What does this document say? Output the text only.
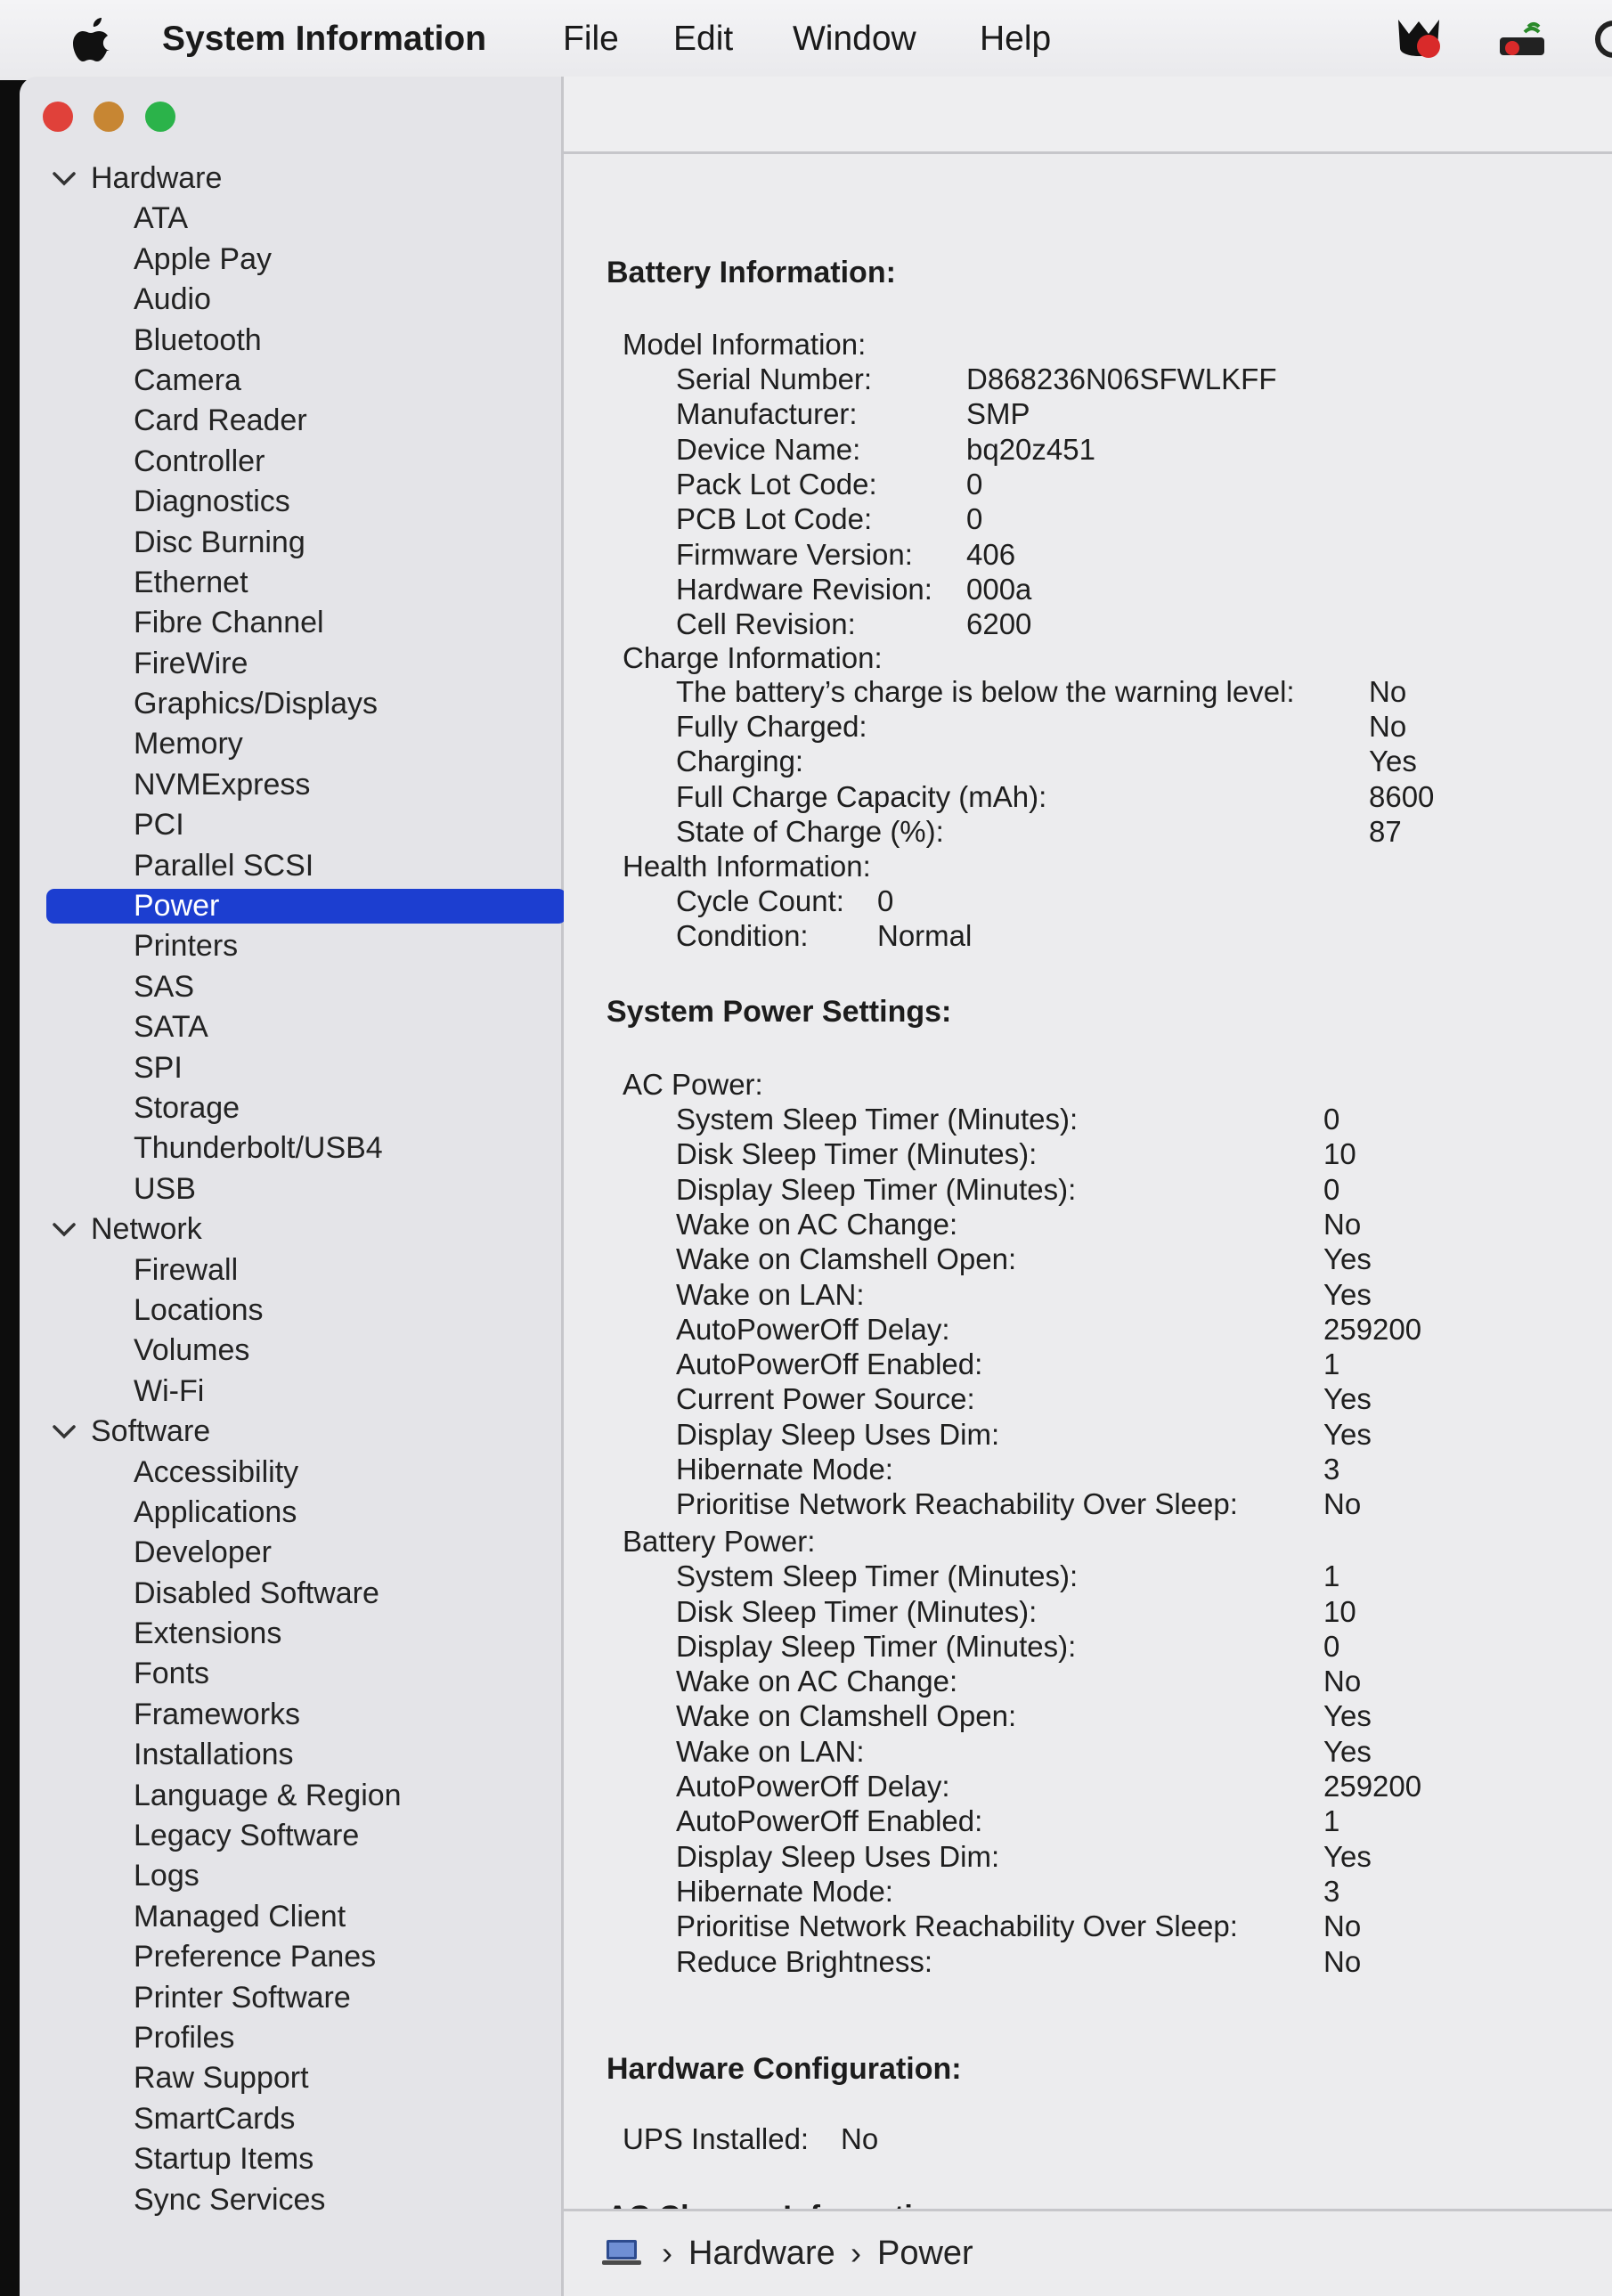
System Information File Edit Window Help
Hardware
ATA
Apple Pay
Audio
Bluetooth
Camera
Card Reader
Controller
Diagnostics
Disc Burning
Ethernet
Fibre Channel
FireWire
Graphics/Displays
Memory
NVMExpress
PCI
Parallel SCSI
Power
Printers
SAS
SATA
SPI
Storage
Thunderbolt/USB4
USB
Network
Firewall
Locations
Volumes
Wi-Fi
Software
Accessibility
Applications
Developer
Disabled Software
Extensions
Fonts
Frameworks
Installations
Language & Region
Legacy Software
Logs
Managed Client
Preference Panes
Printer Software
Profiles
Raw Support
SmartCards
Startup Items
Sync Services
Battery Information:
Model Information:
Serial Number:	D868236N06SFWLKFF
Manufacturer:	SMP
Device Name:	bq20z451
Pack Lot Code:	0
PCB Lot Code:	0
Firmware Version: 406
Hardware Revision: 000a
Cell Revision:	6200
Charge Information:
The battery’s charge is below the warning level:	No
Fully Charged:	No
Charging:	Yes
Full Charge Capacity (mAh):	8600
State of Charge (%):	87
Health Information:
Cycle Count: 0
Condition: Normal
System Power Settings:
AC Power:
System Sleep Timer (Minutes):	0
Disk Sleep Timer (Minutes):	10
Display Sleep Timer (Minutes):	0
Wake on AC Change:	No
Wake on Clamshell Open:	Yes
Wake on LAN:	Yes
AutoPowerOff Delay:	259200
AutoPowerOff Enabled:	1
Current Power Source:	Yes
Display Sleep Uses Dim:	Yes
Hibernate Mode:	3
Prioritise Network Reachability Over Sleep:	No
Battery Power:
System Sleep Timer (Minutes):	1
Disk Sleep Timer (Minutes):	10
Display Sleep Timer (Minutes):	0
Wake on AC Change:	No
Wake on Clamshell Open:	Yes
Wake on LAN:	Yes
AutoPowerOff Delay:	259200
AutoPowerOff Enabled:	1
Display Sleep Uses Dim:	Yes
Hibernate Mode:	3
Prioritise Network Reachability Over Sleep:	No
Reduce Brightness:	No
Hardware Configuration:
UPS Installed: No
› Hardware › Power
